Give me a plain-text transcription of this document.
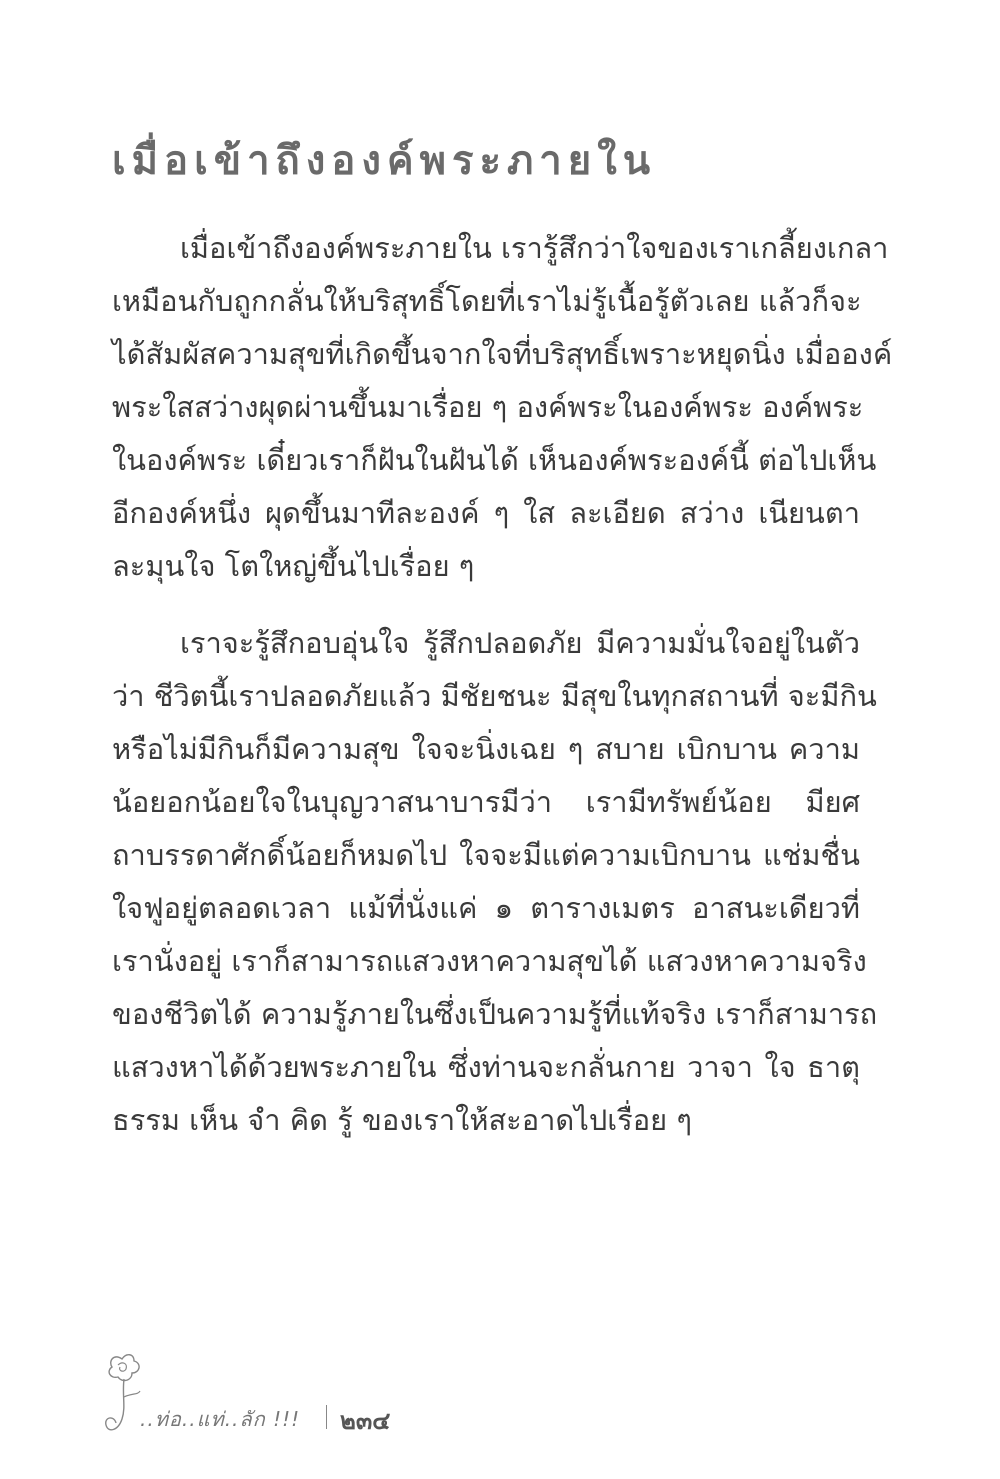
เมื่อเข้าถึงองค์พระภายใน
เมื่อเข้าถึงองค์พระภายใน เรารู้สึกว่าใจของเราเกลี้ยงเกลา
เหมือนกับถูกกลั่นให้บริสุทธิ์โดยที่เราไม่รู้เนื้อรู้ตัวเลย แล้วก็จะ
ได้สัมผัสความสุขที่เกิดขึ้นจากใจที่บริสุทธิ์เพราะหยุดนิ่ง เมื่อองค์
พระใสสว่างผุดผ่านขึ้นมาเรื่อย ๆ องค์พระในองค์พระ องค์พระ
ในองค์พระ เดี๋ยวเราก็ฝันในฝันได้ เห็นองค์พระองค์นี้ ต่อไปเห็น
อีกองค์หนึ่ง ผุดขึ้นมาทีละองค์ ๆ ใส ละเอียด สว่าง เนียนตา
ละมุนใจ โตใหญ่ขึ้นไปเรื่อย ๆ
เราจะรู้สึกอบอุ่นใจ รู้สึกปลอดภัย มีความมั่นใจอยู่ในตัว
ว่า ชีวิตนี้เราปลอดภัยแล้ว มีชัยชนะ มีสุขในทุกสถานที่ จะมีกิน
หรือไม่มีกินก็มีความสุข ใจจะนิ่งเฉย ๆ สบาย เบิกบาน ความ
น้อยอกน้อยใจในบุญวาสนาบารมีว่า เรามีทรัพย์น้อย มียศ
ถาบรรดาศักดิ์น้อยก็หมดไป ใจจะมีแต่ความเบิกบาน แช่มชื่น
ใจฟูอยู่ตลอดเวลา แม้ที่นั่งแค่ ๑ ตารางเมตร อาสนะเดียวที่
เรานั่งอยู่ เราก็สามารถแสวงหาความสุขได้ แสวงหาความจริง
ของชีวิตได้ ความรู้ภายในซึ่งเป็นความรู้ที่แท้จริง เราก็สามารถ
แสวงหาได้ด้วยพระภายใน ซึ่งท่านจะกลั่นกาย วาจา ใจ ธาตุ
ธรรม เห็น จำ คิด รู้ ของเราให้สะอาดไปเรื่อย ๆ
..ท่อ..แท่..ลัก !!! ๒๓๔
